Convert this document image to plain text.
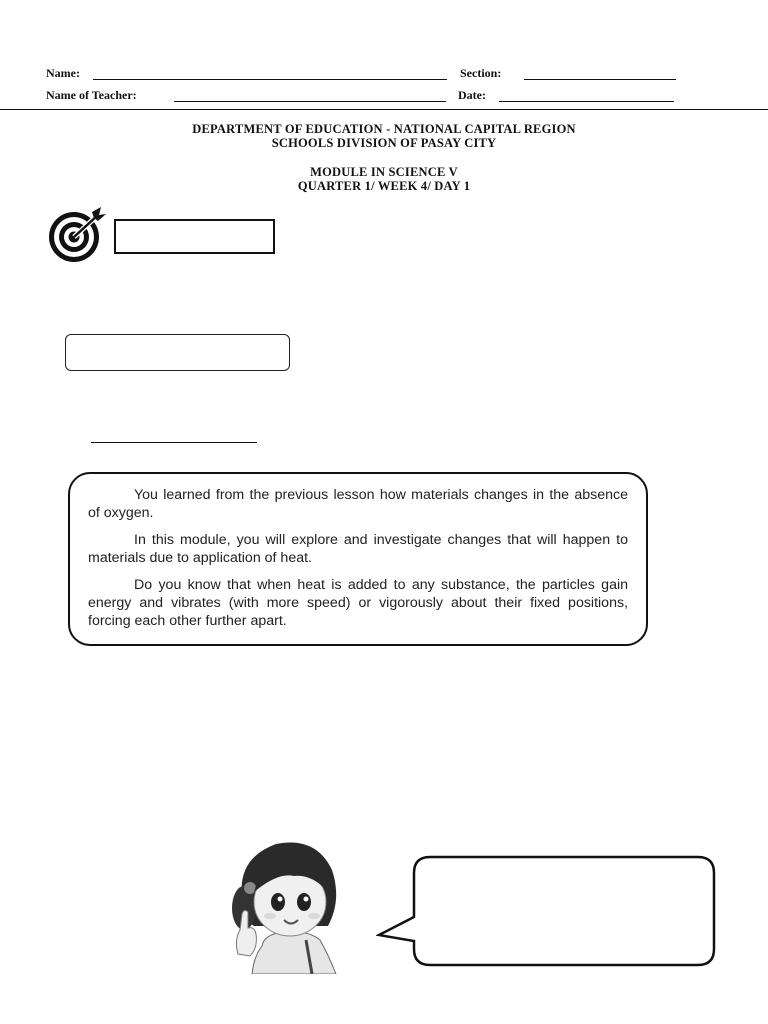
Name:	Section:
Name of Teacher:	Date:
DEPARTMENT OF EDUCATION - NATIONAL CAPITAL REGION
SCHOOLS DIVISION OF PASAY CITY
MODULE IN SCIENCE V
QUARTER 1/ WEEK 4/ DAY 1

You learned from the previous lesson how materials changes in the absence of oxygen.

In this module, you will explore and investigate changes that will happen to materials due to application of heat.

Do you know that when heat is added to any substance, the particles gain energy and vibrates (with more speed) or vigorously about their fixed positions, forcing each other further apart.
